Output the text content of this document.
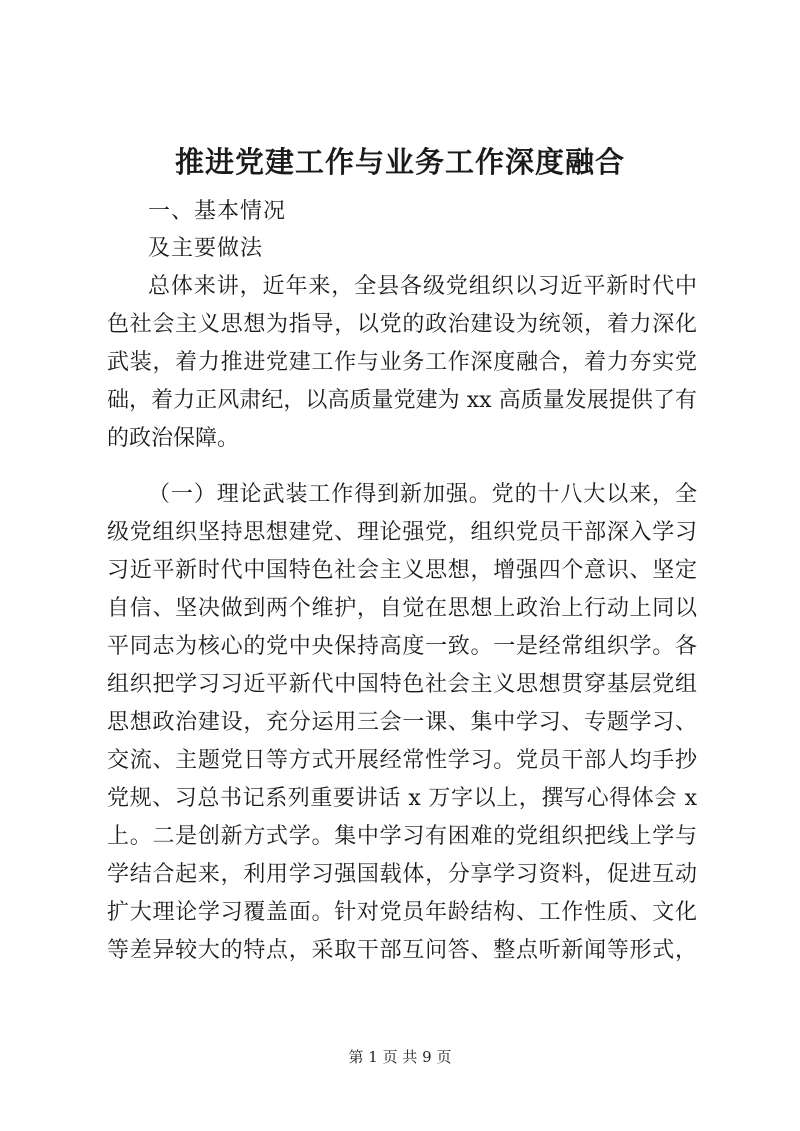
推进党建工作与业务工作深度融合
一、基本情况
及主要做法
总体来讲，近年来，全县各级党组织以习近平新时代中
色社会主义思想为指导，以党的政治建设为统领，着力深化
武装，着力推进党建工作与业务工作深度融合，着力夯实党
础，着力正风肃纪，以高质量党建为 xx 高质量发展提供了有
的政治保障。
（一）理论武装工作得到新加强。党的十八大以来，全
级党组织坚持思想建党、理论强党，组织党员干部深入学习
习近平新时代中国特色社会主义思想，增强四个意识、坚定
自信、坚决做到两个维护，自觉在思想上政治上行动上同以
平同志为核心的党中央保持高度一致。一是经常组织学。各
组织把学习习近平新代中国特色社会主义思想贯穿基层党组
思想政治建设，充分运用三会一课、集中学习、专题学习、
交流、主题党日等方式开展经常性学习。党员干部人均手抄
党规、习总书记系列重要讲话 x 万字以上，撰写心得体会 x
上。二是创新方式学。集中学习有困难的党组织把线上学与
学结合起来，利用学习强国载体，分享学习资料，促进互动
扩大理论学习覆盖面。针对党员年龄结构、工作性质、文化
等差异较大的特点，采取干部互问答、整点听新闻等形式，
第 1 页 共 9 页
